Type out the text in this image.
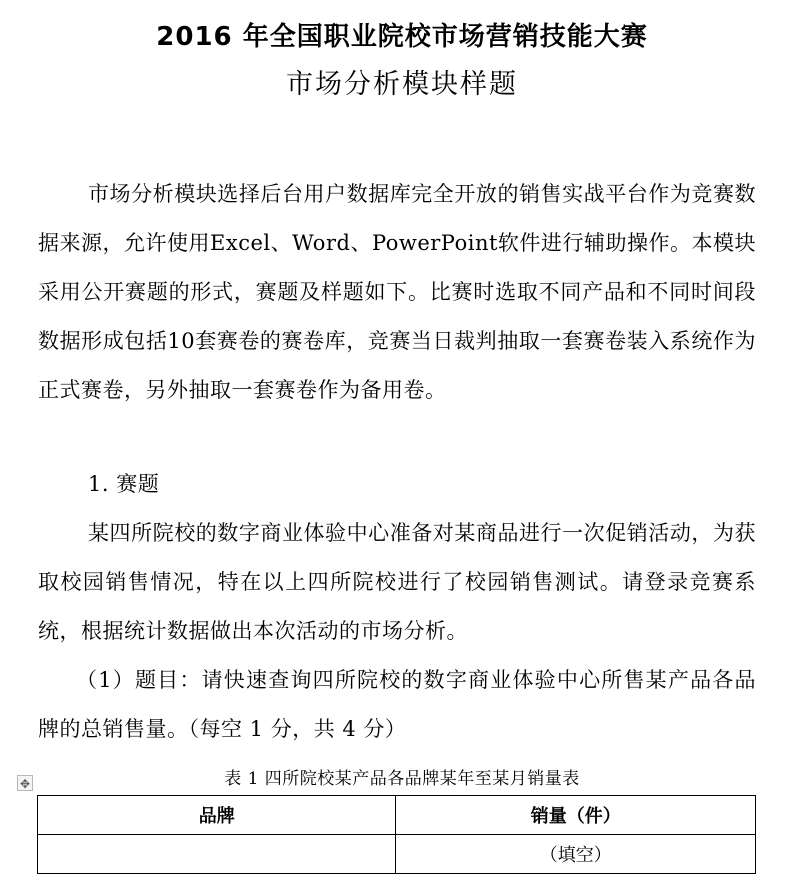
2016 年全国职业院校市场营销技能大赛
市场分析模块样题
市场分析模块选择后台用户数据库完全开放的销售实战平台作为竞赛数据来源，允许使用Excel、Word、PowerPoint软件进行辅助操作。本模块采用公开赛题的形式，赛题及样题如下。比赛时选取不同产品和不同时间段数据形成包括10套赛卷的赛卷库，竞赛当日裁判抽取一套赛卷装入系统作为正式赛卷，另外抽取一套赛卷作为备用卷。
1. 赛题
某四所院校的数字商业体验中心准备对某商品进行一次促销活动，为获取校园销售情况，特在以上四所院校进行了校园销售测试。请登录竞赛系统，根据统计数据做出本次活动的市场分析。
（1）题目：请快速查询四所院校的数字商业体验中心所售某产品各品牌的总销售量。（每空 1 分，共 4 分）
表 1 四所院校某产品各品牌某年至某月销量表
✥
品牌	销量（件）
	（填空）
